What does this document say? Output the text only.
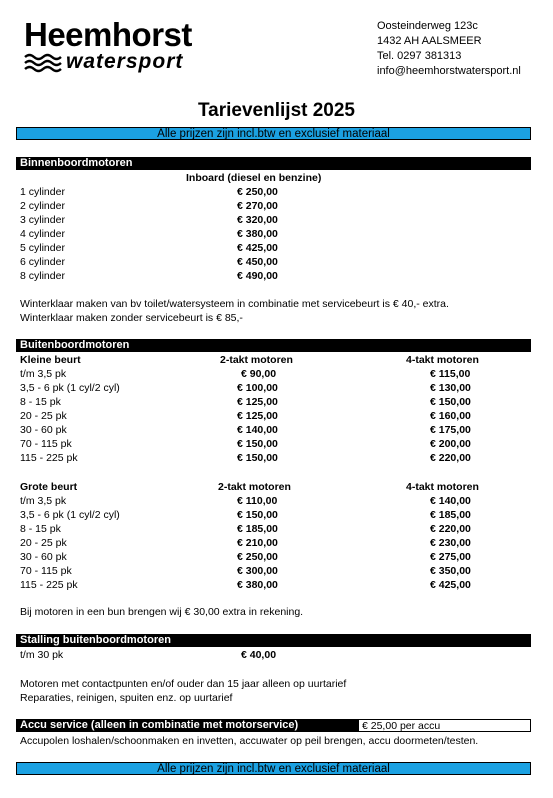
Heemhorst
watersport
Oosteinderweg 123c
1432 AH AALSMEER
Tel. 0297 381313
info@heemhorstwatersport.nl
Tarievenlijst 2025
Alle prijzen zijn incl.btw en exclusief materiaal
Binnenboordmotoren
Inboard (diesel en benzine)
1 cylinder	€ 250,00
2 cylinder	€ 270,00
3 cylinder	€ 320,00
4 cylinder	€ 380,00
5 cylinder	€ 425,00
6 cylinder	€ 450,00
8 cylinder	€ 490,00
Winterklaar maken van bv toilet/watersysteem in combinatie met servicebeurt is € 40,- extra.
Winterklaar maken zonder servicebeurt is € 85,-
Buitenboordmotoren
Kleine beurt	2-takt motoren	4-takt motoren
t/m 3,5 pk	€ 90,00	€ 115,00
3,5 - 6 pk (1 cyl/2 cyl)	€ 100,00	€ 130,00
8 - 15 pk	€ 125,00	€ 150,00
20 - 25 pk	€ 125,00	€ 160,00
30 - 60 pk	€ 140,00	€ 175,00
70 - 115 pk	€ 150,00	€ 200,00
115 - 225 pk	€ 150,00	€ 220,00
Grote beurt	2-takt motoren	4-takt motoren
t/m 3,5 pk	€ 110,00	€ 140,00
3,5 - 6 pk (1 cyl/2 cyl)	€ 150,00	€ 185,00
8 - 15 pk	€ 185,00	€ 220,00
20 - 25 pk	€ 210,00	€ 230,00
30 - 60 pk	€ 250,00	€ 275,00
70 - 115 pk	€ 300,00	€ 350,00
115 - 225 pk	€ 380,00	€ 425,00
Bij motoren in een bun brengen wij € 30,00 extra in rekening.
Stalling buitenboordmotoren
t/m 30 pk	€ 40,00
Motoren met contactpunten en/of ouder dan 15 jaar alleen op uurtarief
Reparaties, reinigen, spuiten enz. op uurtarief
Accu service (alleen in combinatie met motorservice)	€ 25,00 per accu
Accupolen loshalen/schoonmaken en invetten, accuwater op peil brengen, accu doormeten/testen.
Alle prijzen zijn incl.btw en exclusief materiaal
